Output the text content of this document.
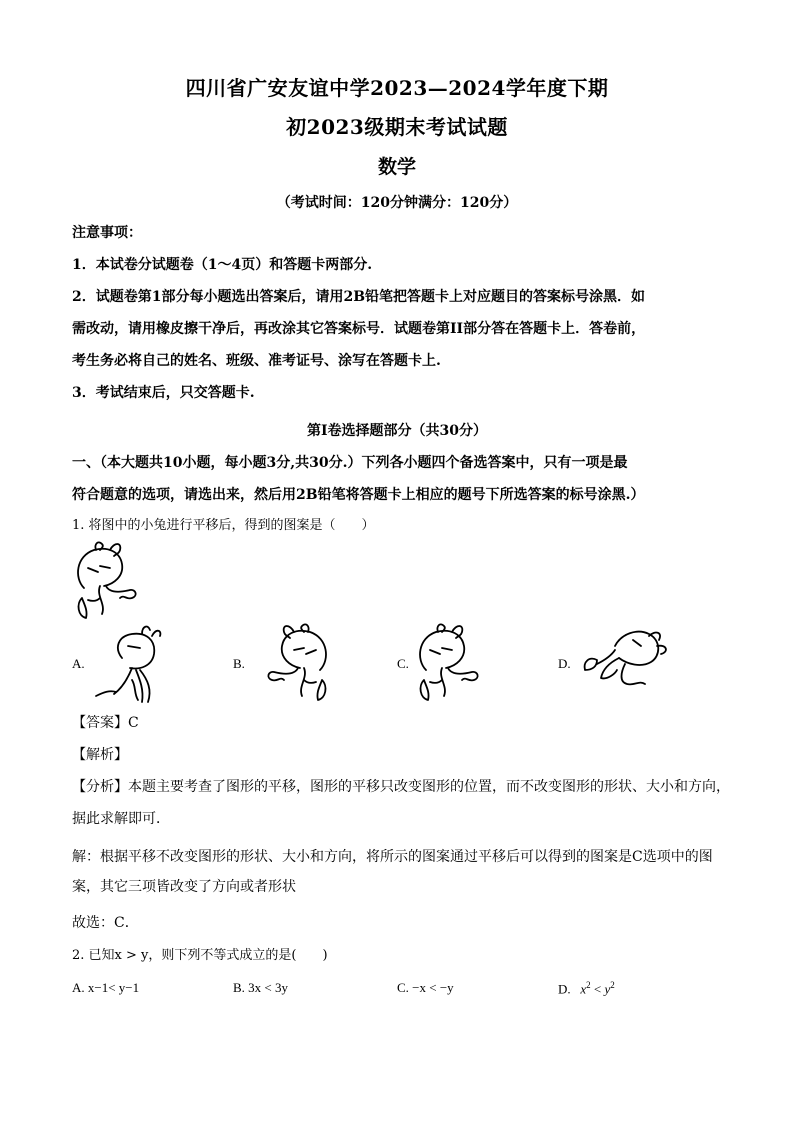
四川省广安友谊中学2023—2024学年度下期
初2023级期末考试试题
数学
（考试时间：120分钟满分：120分）
注意事项：
1．本试卷分试题卷（1～4页）和答题卡两部分.
2．试题卷第1部分每小题选出答案后，请用2B铅笔把答题卡上对应题目的答案标号涂黑．如
需改动，请用橡皮擦干净后，再改涂其它答案标号．试题卷第II部分答在答题卡上．答卷前，
考生务必将自己的姓名、班级、准考证号、涂写在答题卡上.
3．考试结束后，只交答题卡.
第Ⅰ卷选择题部分（共30分）
一、（本大题共10小题，每小题3分,共30分.）下列各小题四个备选答案中，只有一项是最
符合题意的选项，请选出来，然后用2B铅笔将答题卡上相应的题号下所选答案的标号涂黑.）
1. 将图中的小兔进行平移后，得到的图案是（　　）
A.	B.	C.	D.
【答案】C
【解析】
【分析】本题主要考查了图形的平移，图形的平移只改变图形的位置，而不改变图形的形状、大小和方向，
据此求解即可．
解：根据平移不改变图形的形状、大小和方向，将所示的图案通过平移后可以得到的图案是C选项中的图
案，其它三项皆改变了方向或者形状
故选：C．
2. 已知x > y，则下列不等式成立的是(　　)
A. x−1< y−1	B. 3x < 3y	C. −x < −y	D. $x^2 < y^2$
